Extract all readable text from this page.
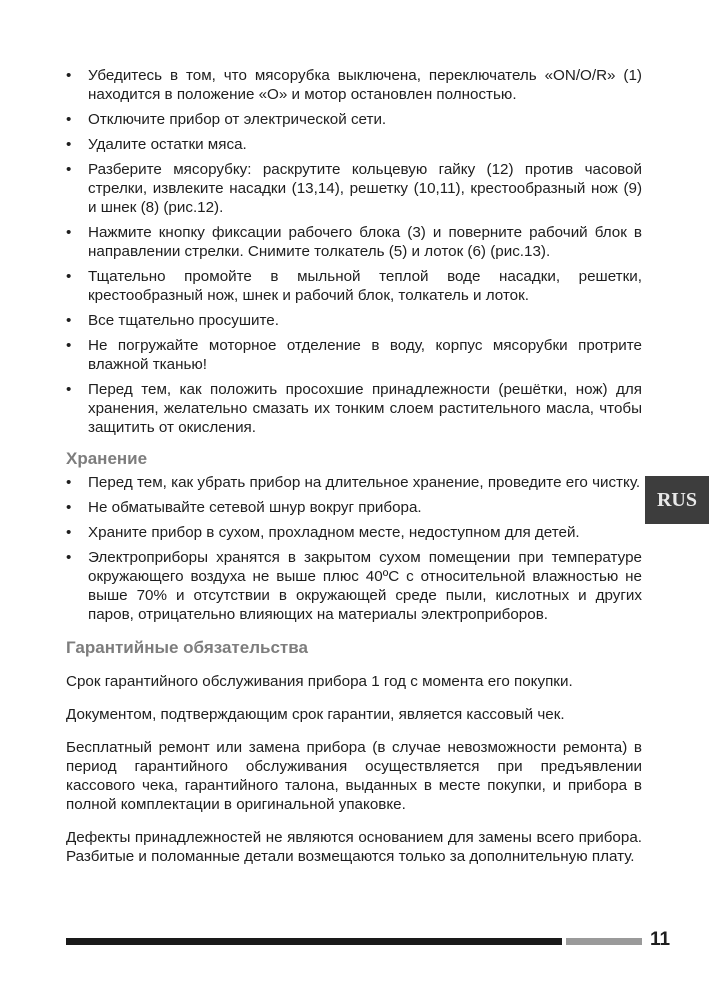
• Убедитесь в том, что мясорубка выключена, переключатель «ON/O/R» (1) находится в положение «O» и мотор остановлен полностью.
• Отключите прибор от электрической сети.
• Удалите остатки мяса.
• Разберите мясорубку: раскрутите кольцевую гайку (12) против часовой стрелки, извлеките насадки (13,14), решетку (10,11), крестообразный нож (9) и шнек (8) (рис.12).
• Нажмите кнопку фиксации рабочего блока (3) и поверните рабочий блок в направлении стрелки. Снимите толкатель (5) и лоток (6) (рис.13).
• Тщательно промойте в мыльной теплой воде насадки, решетки, крестообразный нож, шнек и рабочий блок, толкатель и лоток.
• Все тщательно просушите.
• Не погружайте моторное отделение в воду, корпус мясорубки протрите влажной тканью!
• Перед тем, как положить просохшие принадлежности (решётки, нож) для хранения, желательно смазать их тонким слоем растительного масла, чтобы защитить от окисления.
Хранение
• Перед тем, как убрать прибор на длительное хранение, проведите его чистку.
• Не обматывайте сетевой шнур вокруг прибора.
• Храните прибор в сухом, прохладном месте, недоступном для детей.
• Электроприборы хранятся в закрытом сухом помещении при температуре окружающего воздуха не выше плюс 40ºС с относительной влажностью не выше 70% и отсутствии в окружающей среде пыли, кислотных и других паров, отрицательно влияющих на материалы электроприборов.
Гарантийные обязательства

Срок гарантийного обслуживания прибора 1 год с момента его покупки.

Документом, подтверждающим срок гарантии, является кассовый чек.

Бесплатный ремонт или замена прибора (в случае невозможности ремонта) в период гарантийного обслуживания осуществляется при предъявлении кассового чека, гарантийного талона, выданных в месте покупки, и прибора в полной комплектации в оригинальной упаковке.

Дефекты принадлежностей не являются основанием для замены всего прибора. Разбитые и поломанные детали возмещаются только за дополнительную плату.

RUS
11
